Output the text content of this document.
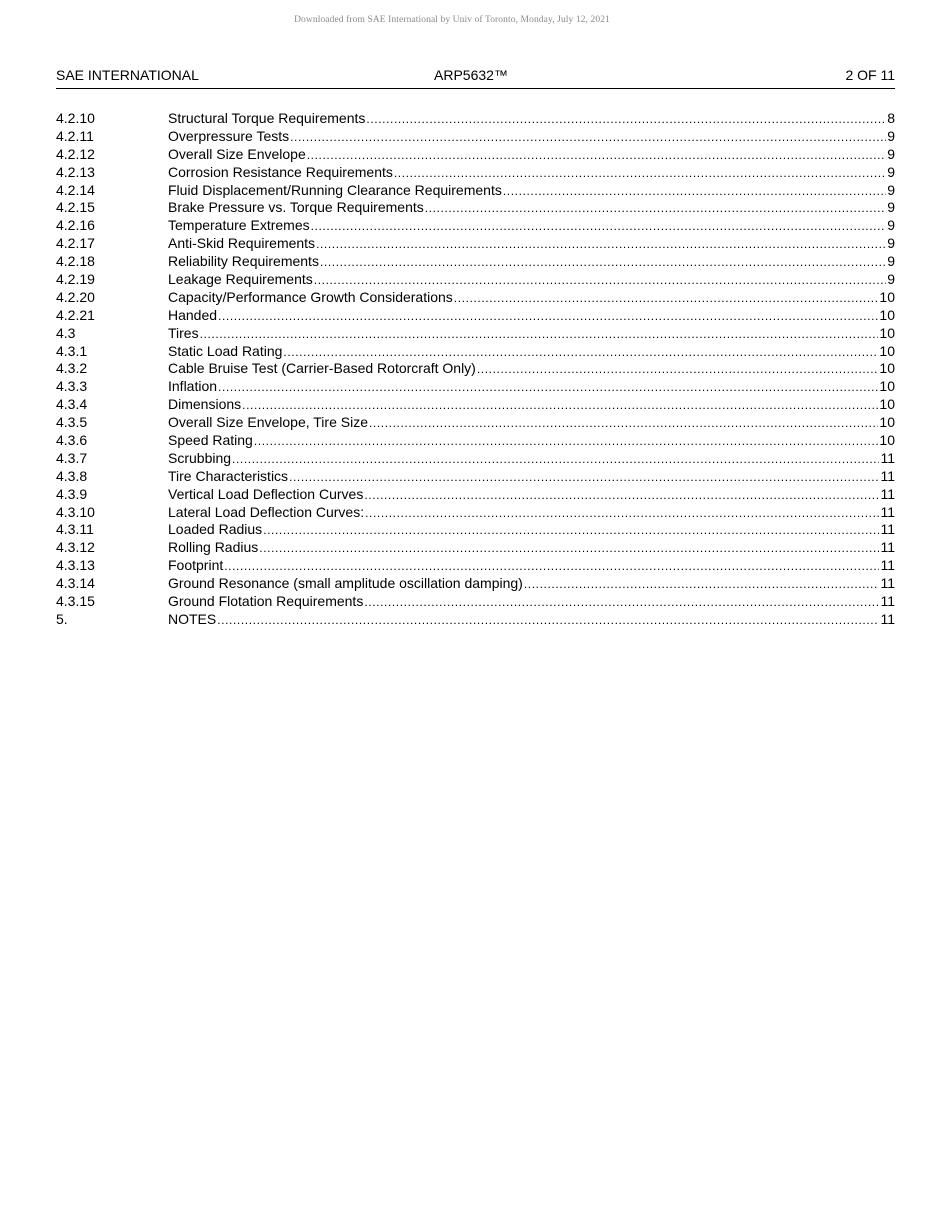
Downloaded from SAE International by Univ of Toronto, Monday, July 12, 2021
SAE INTERNATIONAL	ARP5632™	2 OF 11
4.2.10	Structural Torque Requirements .....	8
4.2.11	Overpressure Tests .....	9
4.2.12	Overall Size Envelope .....	9
4.2.13	Corrosion Resistance Requirements .....	9
4.2.14	Fluid Displacement/Running Clearance Requirements .....	9
4.2.15	Brake Pressure vs. Torque Requirements .....	9
4.2.16	Temperature Extremes .....	9
4.2.17	Anti-Skid Requirements .....	9
4.2.18	Reliability Requirements .....	9
4.2.19	Leakage Requirements .....	9
4.2.20	Capacity/Performance Growth Considerations .....	10
4.2.21	Handed .....	10
4.3	Tires .....	10
4.3.1	Static Load Rating .....	10
4.3.2	Cable Bruise Test (Carrier-Based Rotorcraft Only) .....	10
4.3.3	Inflation .....	10
4.3.4	Dimensions .....	10
4.3.5	Overall Size Envelope, Tire Size .....	10
4.3.6	Speed Rating .....	10
4.3.7	Scrubbing .....	11
4.3.8	Tire Characteristics .....	11
4.3.9	Vertical Load Deflection Curves .....	11
4.3.10	Lateral Load Deflection Curves: .....	11
4.3.11	Loaded Radius .....	11
4.3.12	Rolling Radius .....	11
4.3.13	Footprint .....	11
4.3.14	Ground Resonance (small amplitude oscillation damping) .....	11
4.3.15	Ground Flotation Requirements .....	11
5.	NOTES .....	11
